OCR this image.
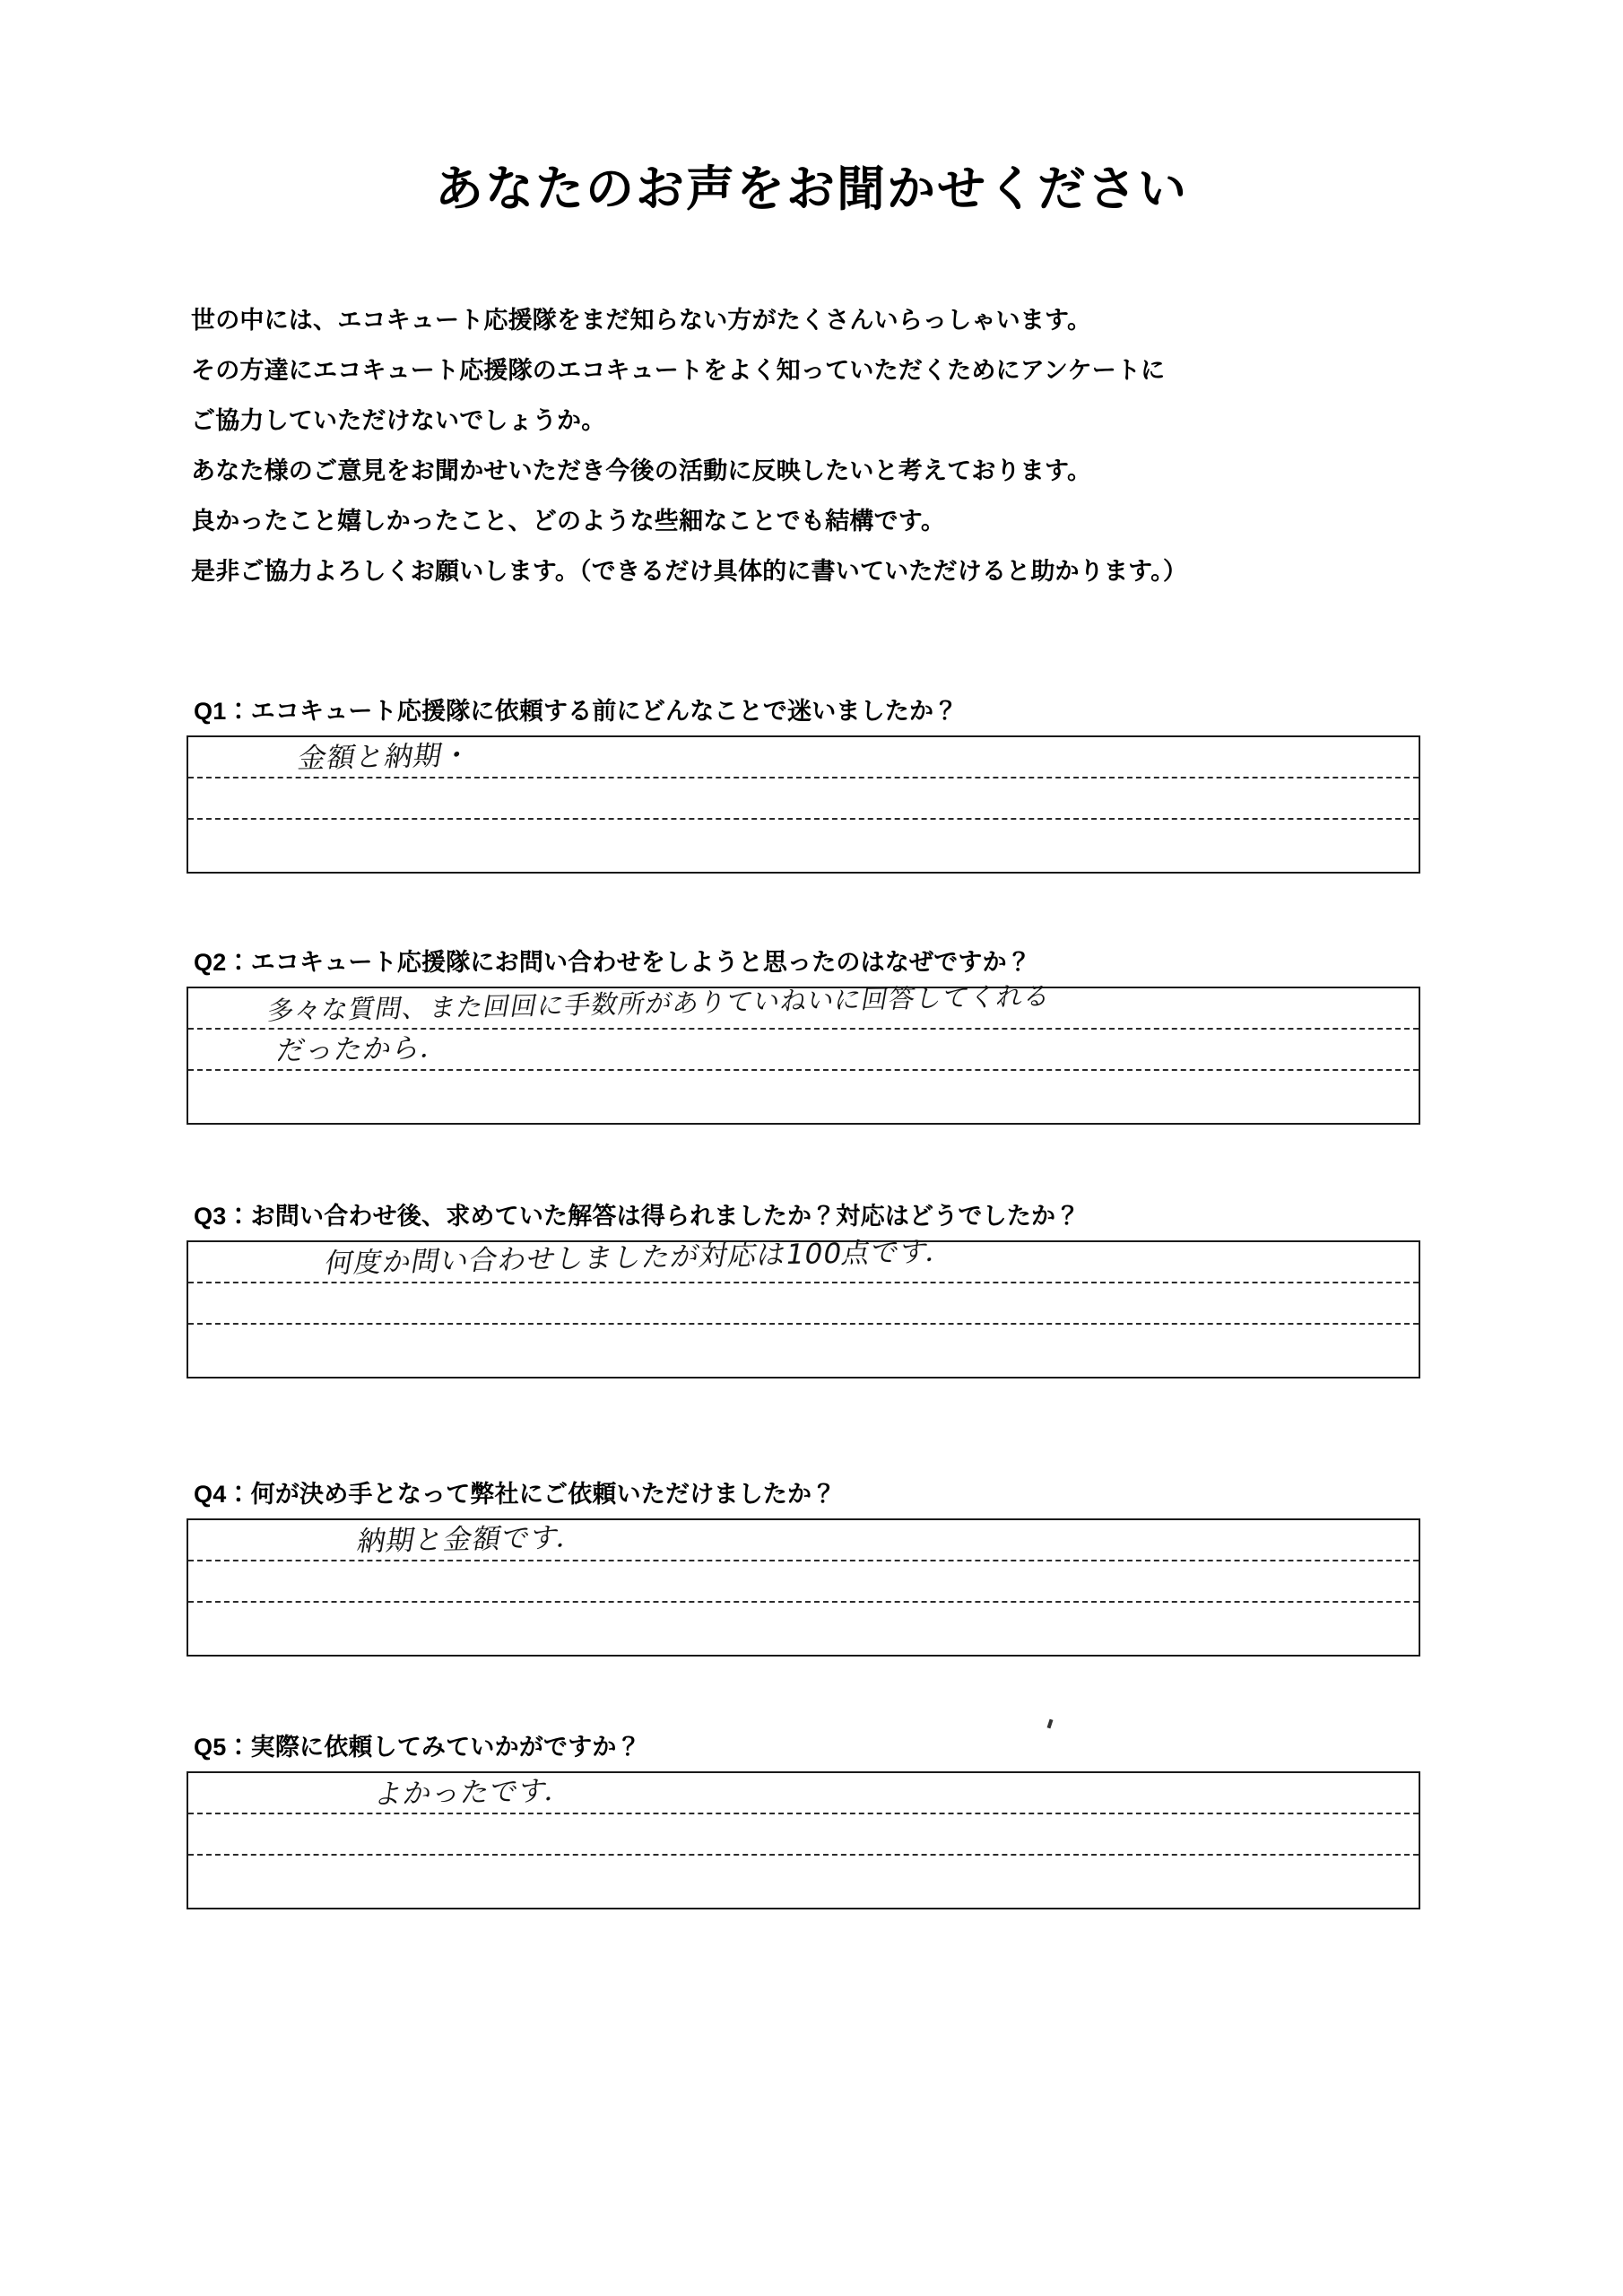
あなたのお声をお聞かせください
世の中には、エコキュート応援隊をまだ知らない方がたくさんいらっしゃいます。
その方達にエコキュート応援隊のエコキュートをよく知っていただくためにアンケートに
ご協力していただけないでしょうか。
あなた様のご意見をお聞かせいただき今後の活動に反映したいと考えております。
良かったこと嬉しかったこと、どのような些細なことでも結構です。
是非ご協力よろしくお願いします。（できるだけ具体的に書いていただけると助かります。）
Q1：エコキュート応援隊に依頼する前にどんなことで迷いましたか？
金額と納期・
Q2：エコキュート応援隊にお問い合わせをしようと思ったのはなぜですか？
多々な質問、また回回に手数所がありていねいに回答してくれる
だったから．
Q3：お問い合わせ後、求めていた解答は得られましたか？対応はどうでしたか？
何度か問い合わせしましたが対応は100点です．
Q4：何が決め手となって弊社にご依頼いただけましたか？
納期と金額です．
Q5：実際に依頼してみていかがですか？
よかったです．
